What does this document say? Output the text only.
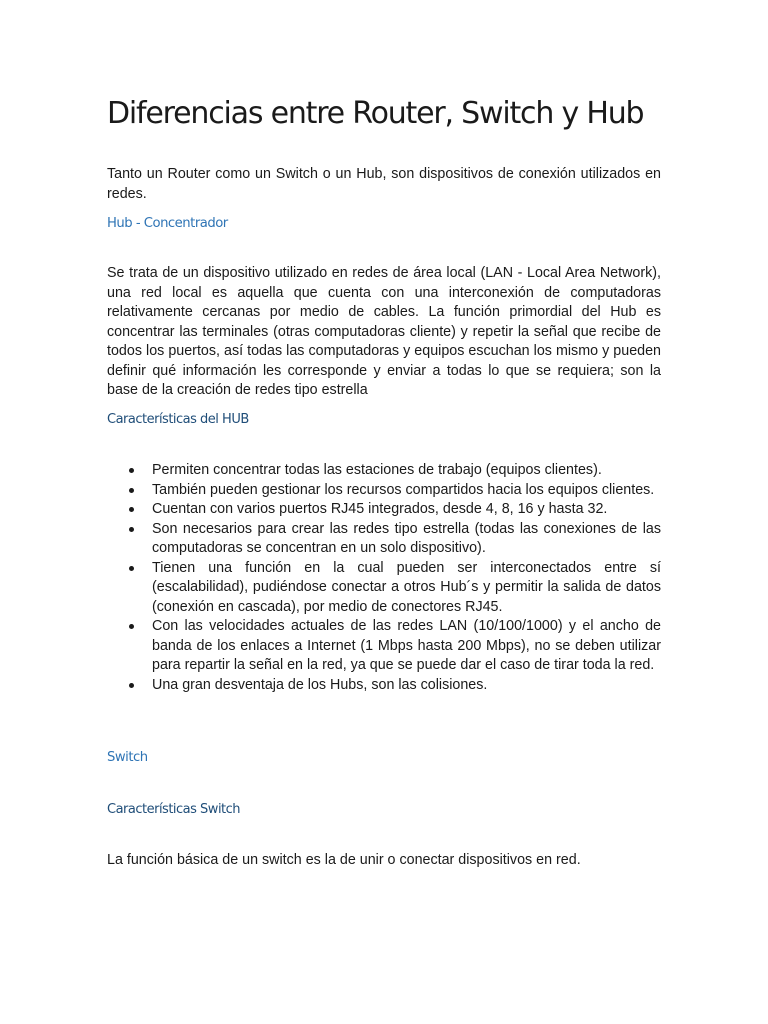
Diferencias entre Router, Switch y Hub

Tanto un Router como un Switch o un Hub, son dispositivos de conexión utilizados en redes.

Hub - Concentrador

Se trata de un dispositivo utilizado en redes de área local (LAN - Local Area Network), una red local es aquella que cuenta con una interconexión de computadoras relativamente cercanas por medio de cables. La función primordial del Hub es concentrar las terminales (otras computadoras cliente) y repetir la señal que recibe de todos los puertos, así todas las computadoras y equipos escuchan los mismo y pueden definir qué información les corresponde y enviar a todas lo que se requiera; son la base de la creación de redes tipo estrella

Características del HUB
Permiten concentrar todas las estaciones de trabajo (equipos clientes).
También pueden gestionar los recursos compartidos hacia los equipos clientes.
Cuentan con varios puertos RJ45 integrados, desde 4, 8, 16 y hasta 32.
Son necesarios para crear las redes tipo estrella (todas las conexiones de las computadoras se concentran en un solo dispositivo).
Tienen una función en la cual pueden ser interconectados entre sí (escalabilidad), pudiéndose conectar a otros Hub´s y permitir la salida de datos (conexión en cascada), por medio de conectores RJ45.
Con las velocidades actuales de las redes LAN (10/100/1000) y el ancho de banda de los enlaces a Internet (1 Mbps hasta 200 Mbps), no se deben utilizar para repartir la señal en la red, ya que se puede dar el caso de tirar toda la red.
Una gran desventaja de los Hubs, son las colisiones.
Switch
Características Switch

La función básica de un switch es la de unir o conectar dispositivos en red.
